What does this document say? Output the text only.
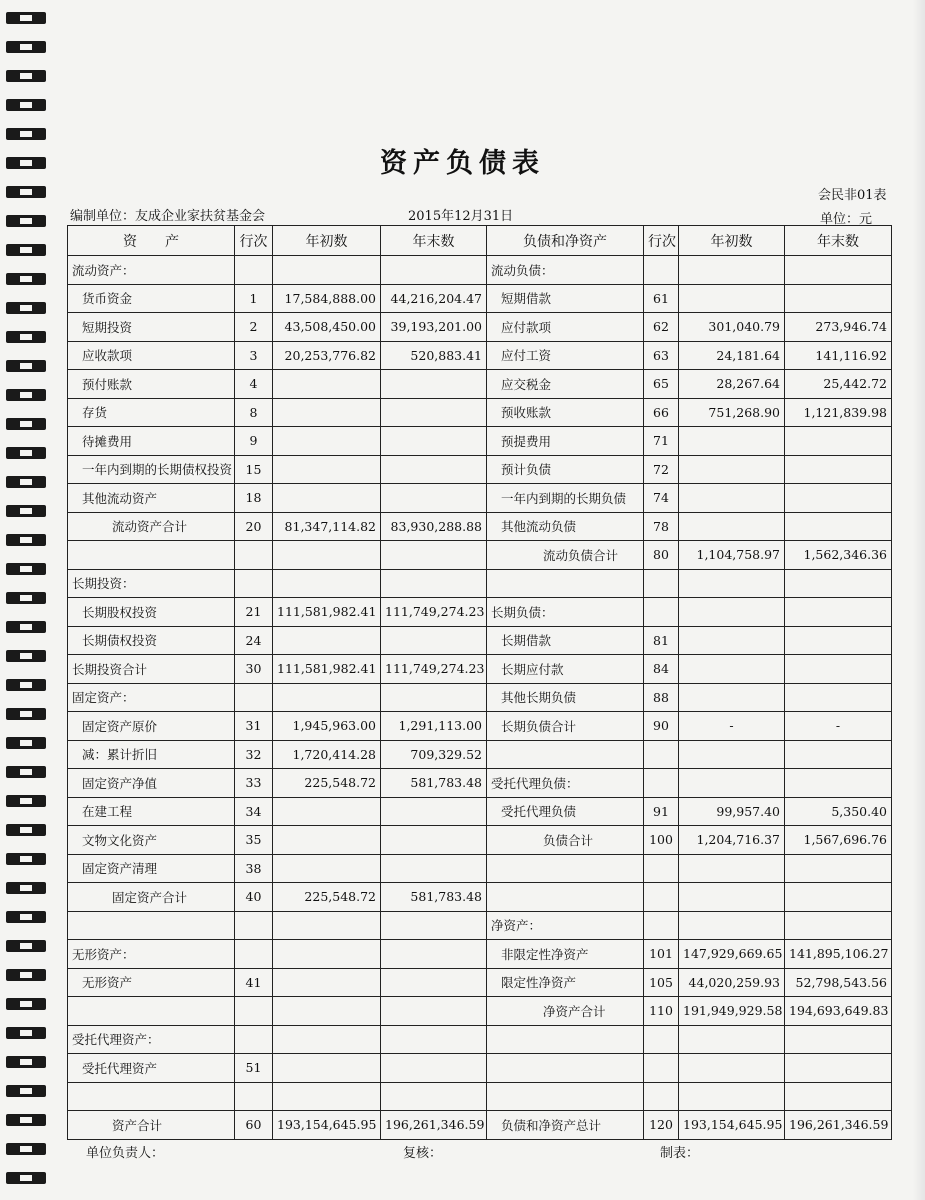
资产负债表
会民非01表
编制单位：友成企业家扶贫基金会	2015年12月31日	单位：元
资　　产	行次	年初数	年末数	负债和净资产	行次	年初数	年末数
流动资产：				流动负债：			
货币资金	1	17,584,888.00	44,216,204.47	短期借款	61		
短期投资	2	43,508,450.00	39,193,201.00	应付款项	62	301,040.79	273,946.74
应收款项	3	20,253,776.82	520,883.41	应付工资	63	24,181.64	141,116.92
预付账款	4			应交税金	65	28,267.64	25,442.72
存货	8			预收账款	66	751,268.90	1,121,839.98
待摊费用	9			预提费用	71		
一年内到期的长期债权投资	15			预计负债	72		
其他流动资产	18			一年内到期的长期负债	74		
流动资产合计	20	81,347,114.82	83,930,288.88	其他流动负债	78		
				流动负债合计	80	1,104,758.97	1,562,346.36
长期投资：							
长期股权投资	21	111,581,982.41	111,749,274.23	长期负债：			
长期债权投资	24			长期借款	81		
长期投资合计	30	111,581,982.41	111,749,274.23	长期应付款	84		
固定资产：				其他长期负债	88		
固定资产原价	31	1,945,963.00	1,291,113.00	长期负债合计	90	-	-
减：累计折旧	32	1,720,414.28	709,329.52				
固定资产净值	33	225,548.72	581,783.48	受托代理负债：			
在建工程	34			受托代理负债	91	99,957.40	5,350.40
文物文化资产	35			负债合计	100	1,204,716.37	1,567,696.76
固定资产清理	38						
固定资产合计	40	225,548.72	581,783.48				
				净资产：			
无形资产：				非限定性净资产	101	147,929,669.65	141,895,106.27
无形资产	41			限定性净资产	105	44,020,259.93	52,798,543.56
				净资产合计	110	191,949,929.58	194,693,649.83
受托代理资产：							
受托代理资产	51						

资产合计	60	193,154,645.95	196,261,346.59	负债和净资产总计	120	193,154,645.95	196,261,346.59
单位负责人：	复核：	制表：
